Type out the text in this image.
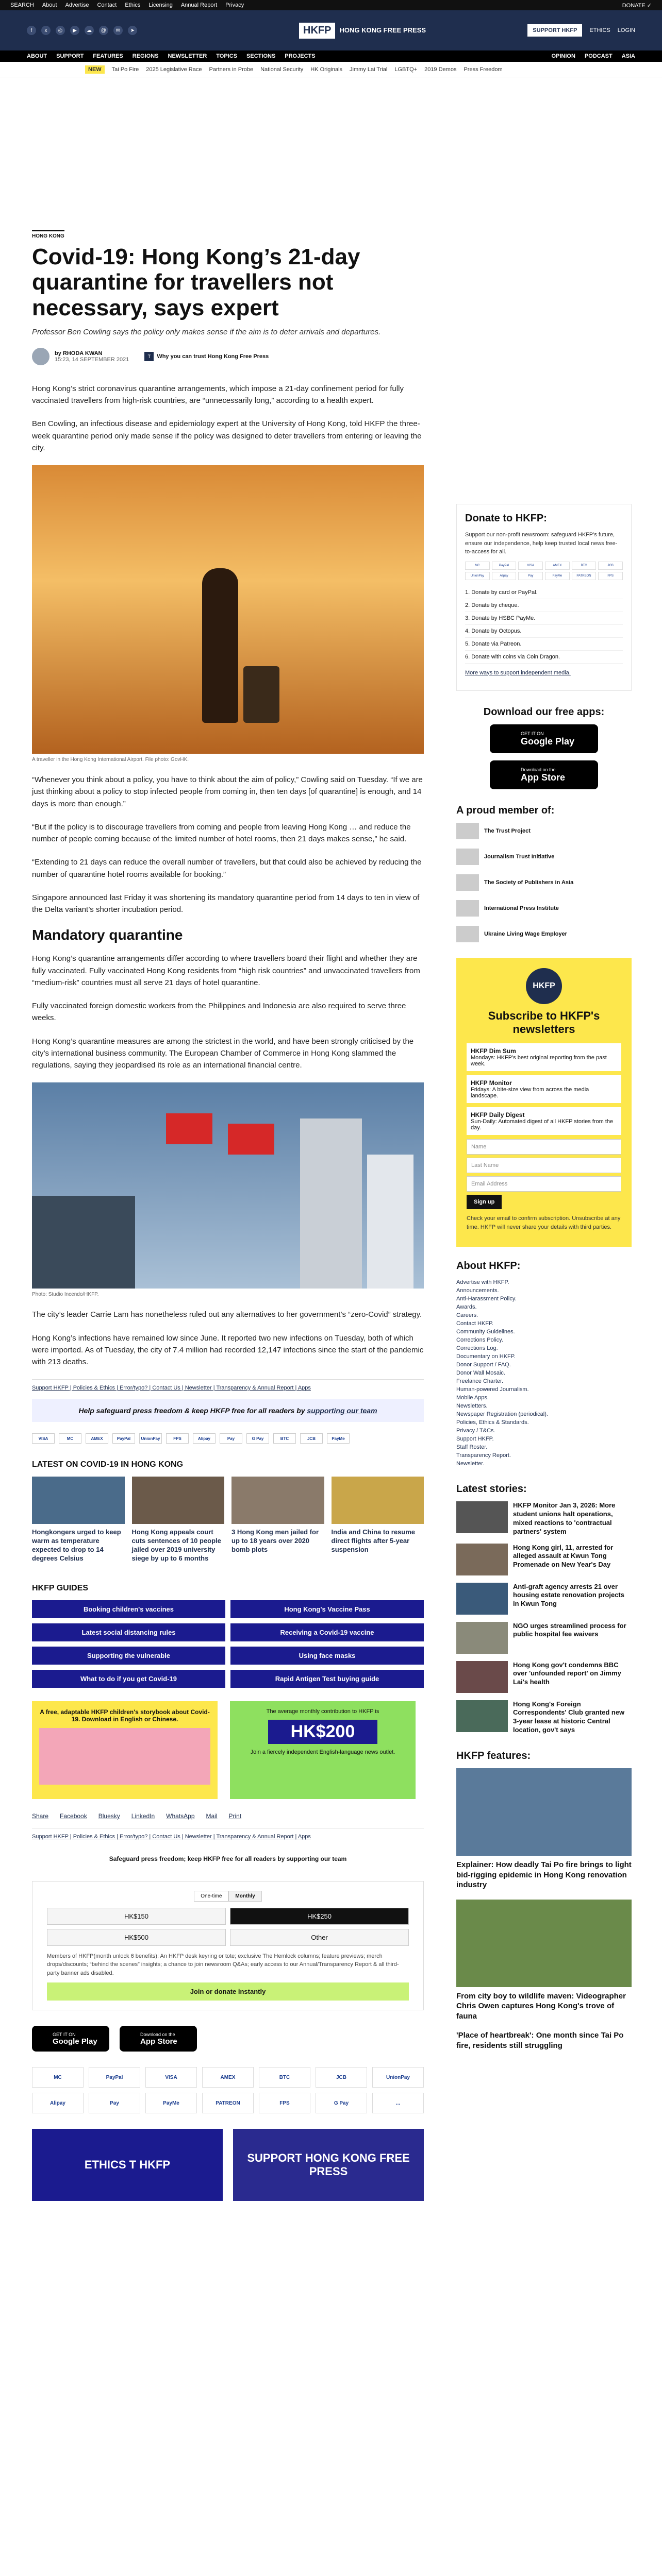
SEARCH About Advertise Contact Ethics Licensing Annual Report Privacy	DONATE ✓
f	x	◎	▶	☁	@	✉	➤	HKFP	HONG KONG FREE PRESS	SUPPORT HKFP	ETHICS LOGIN
ABOUT SUPPORT FEATURES REGIONS NEWSLETTER TOPICS SECTIONS PROJECTS	OPINION PODCAST ASIA
NEW	Tai Po Fire 2025 Legislative Race Partners in Probe National Security HK Originals Jimmy Lai Trial LGBTQ+ 2019 Demos Press Freedom
HONG KONG
Covid-19: Hong Kong’s 21-day quarantine for travellers not necessary, says expert
Professor Ben Cowling says the policy only makes sense if the aim is to deter arrivals and departures.
by RHODA KWAN
15:23, 14 SEPTEMBER 2021	T	Why you can trust Hong Kong Free Press

Hong Kong’s strict coronavirus quarantine arrangements, which impose a 21-day confinement period for fully vaccinated travellers from high-risk countries, are “unnecessarily long,” according to a health expert.

Ben Cowling, an infectious disease and epidemiology expert at the University of Hong Kong, told HKFP the three-week quarantine period only made sense if the policy was designed to deter travellers from entering or leaving the city.

A traveller in the Hong Kong International Airport. File photo: GovHK.

“Whenever you think about a policy, you have to think about the aim of policy,” Cowling said on Tuesday. “If we are just thinking about a policy to stop infected people from coming in, then ten days [of quarantine] is enough, and 14 days is more than enough.”

“But if the policy is to discourage travellers from coming and people from leaving Hong Kong … and reduce the number of people coming because of the limited number of hotel rooms, then 21 days makes sense,” he said.

“Extending to 21 days can reduce the overall number of travellers, but that could also be achieved by reducing the number of quarantine hotel rooms available for booking.”

Singapore announced last Friday it was shortening its mandatory quarantine period from 14 days to ten in view of the Delta variant’s shorter incubation period.

Mandatory quarantine

Hong Kong’s quarantine arrangements differ according to where travellers board their flight and whether they are fully vaccinated. Fully vaccinated Hong Kong residents from “high risk countries” and unvaccinated travellers from “medium-risk” countries must all serve 21 days of hotel quarantine.

Fully vaccinated foreign domestic workers from the Philippines and Indonesia are also required to serve three weeks.

Hong Kong’s quarantine measures are among the strictest in the world, and have been strongly criticised by the city’s international business community. The European Chamber of Commerce in Hong Kong slammed the regulations, saying they jeopardised its role as an international financial centre.

Photo: Studio Incendo/HKFP.

The city’s leader Carrie Lam has nonetheless ruled out any alternatives to her government’s “zero-Covid” strategy.

Hong Kong’s infections have remained low since June. It reported two new infections on Tuesday, both of which were imported. As of Tuesday, the city of 7.4 million had recorded 12,147 infections since the start of the pandemic with 213 deaths.

Support HKFP | Policies & Ethics | Error/typo? | Contact Us | Newsletter | Transparency & Annual Report | Apps
Help safeguard press freedom & keep HKFP free for all readers by supporting our team
VISA	MC	AMEX	PayPal	UnionPay	FPS	Alipay	Pay	G Pay	BTC	JCB	PayMe
LATEST ON COVID-19 IN HONG KONG
Hongkongers urged to keep warm as temperature expected to drop to 14 degrees Celsius
Hong Kong appeals court cuts sentences of 10 people jailed over 2019 university siege by up to 6 months
3 Hong Kong men jailed for up to 18 years over 2020 bomb plots
India and China to resume direct flights after 5-year suspension
HKFP GUIDES
Booking children's vaccines	Hong Kong's Vaccine Pass
Latest social distancing rules	Receiving a Covid-19 vaccine
Supporting the vulnerable	Using face masks
What to do if you get Covid-19	Rapid Antigen Test buying guide
A free, adaptable HKFP children's storybook about Covid-19. Download in English or Chinese.
The average monthly contribution to HKFP is
HK$200
Join a fiercely independent English-language news outlet.
Share Facebook Bluesky LinkedIn WhatsApp Mail Print
Support HKFP | Policies & Ethics | Error/typo? | Contact Us | Newsletter | Transparency & Annual Report | Apps
Safeguard press freedom; keep HKFP free for all readers by supporting our team
One-time	Monthly
HK$150	HK$250
HK$500	Other
Members of HKFP(month unlock 6 benefits): An HKFP desk keyring or tote; exclusive The Hemlock columns; feature previews; merch drops/discounts; “behind the scenes” insights; a chance to join newsroom Q&As; early access to our Annual/Transparency Report & all third-party banner ads disabled.
Join or donate instantly
GET IT ON
Google Play
Download on the
App Store
MC	PayPal	VISA	AMEX	BTC	JCB	UnionPay
Alipay	Pay	PayMe	PATREON	FPS	G Pay	...
ETHICS T HKFP
SUPPORT HONG KONG FREE PRESS
Donate to HKFP:
Support our non-profit newsroom: safeguard HKFP's future, ensure our independence, help keep trusted local news free-to-access for all.
MC	PayPal	VISA	AMEX	BTC	JCB
UnionPay	Alipay	Pay	PayMe	PATREON	FPS
1. Donate by card or PayPal.
2. Donate by cheque.
3. Donate by HSBC PayMe.
4. Donate by Octopus.
5. Donate via Patreon.
6. Donate with coins via Coin Dragon.
More ways to support independent media.
Download our free apps:
GET IT ON
Google Play
Download on the
App Store
A proud member of:
The Trust Project
Journalism Trust Initiative
The Society of Publishers in Asia
International Press Institute
Ukraine Living Wage Employer
HKFP
Subscribe to HKFP's newsletters
HKFP Dim Sum
Mondays: HKFP's best original reporting from the past week.
HKFP Monitor
Fridays: A bite-size view from across the media landscape.
HKFP Daily Digest
Sun-Daily: Automated digest of all HKFP stories from the day.
Name
Last Name
Email Address
Sign up
Check your email to confirm subscription. Unsubscribe at any time. HKFP will never share your details with third parties.
About HKFP:
Advertise with HKFP.
Announcements.
Anti-Harassment Policy.
Awards.
Careers.
Contact HKFP.
Community Guidelines.
Corrections Policy.
Corrections Log.
Documentary on HKFP.
Donor Support / FAQ.
Donor Wall Mosaic.
Freelance Charter.
Human-powered Journalism.
Mobile Apps.
Newsletters.
Newspaper Registration (periodical).
Policies, Ethics & Standards.
Privacy / T&Cs.
Support HKFP.
Staff Roster.
Transparency Report.
Newsletter.
Latest stories:
HKFP Monitor Jan 3, 2026: More student unions halt operations, mixed reactions to 'contractual partners' system
Hong Kong girl, 11, arrested for alleged assault at Kwun Tong Promenade on New Year's Day
Anti-graft agency arrests 21 over housing estate renovation projects in Kwun Tong
NGO urges streamlined process for public hospital fee waivers
Hong Kong gov't condemns BBC over 'unfounded report' on Jimmy Lai's health
Hong Kong's Foreign Correspondents' Club granted new 3-year lease at historic Central location, gov't says
HKFP features:
Explainer: How deadly Tai Po fire brings to light bid-rigging epidemic in Hong Kong renovation industry
From city boy to wildlife maven: Videographer Chris Owen captures Hong Kong's trove of fauna
'Place of heartbreak': One month since Tai Po fire, residents still struggling
